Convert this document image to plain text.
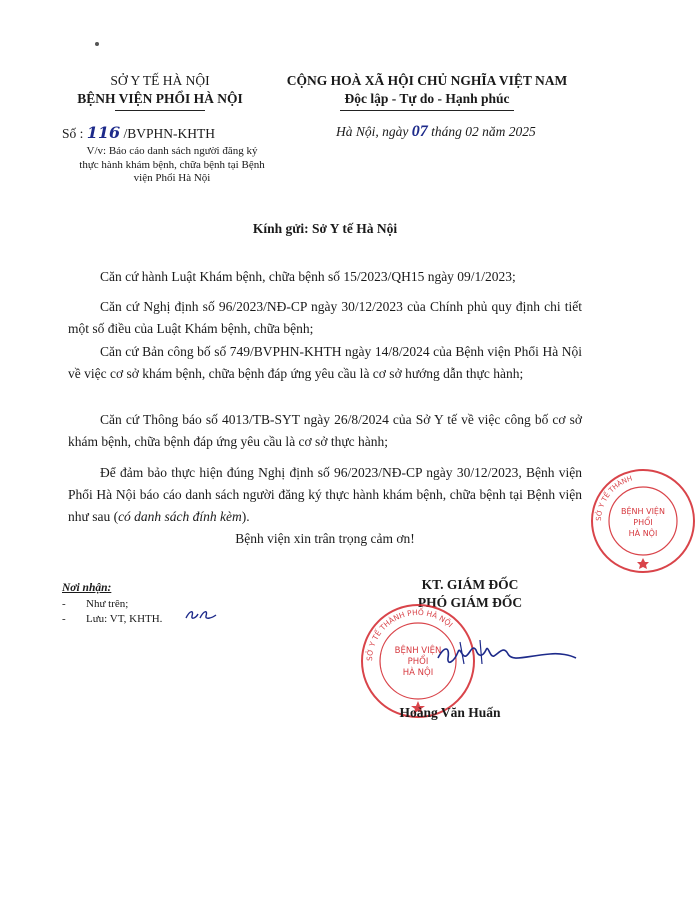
SỞ Y TẾ HÀ NỘI
BỆNH VIỆN PHỔI HÀ NỘI
Số : 116 /BVPHN-KHTH
V/v: Báo cáo danh sách người đăng ký thực hành khám bệnh, chữa bệnh tại Bệnh viện Phổi Hà Nội
CỘNG HOÀ XÃ HỘI CHỦ NGHĨA VIỆT NAM
Độc lập - Tự do - Hạnh phúc
Hà Nội, ngày 07 tháng 02 năm 2025
Kính gửi: Sở Y tế Hà Nội
Căn cứ hành Luật Khám bệnh, chữa bệnh số 15/2023/QH15 ngày 09/1/2023;
Căn cứ Nghị định số 96/2023/NĐ-CP ngày 30/12/2023 của Chính phủ quy định chi tiết một số điều của Luật Khám bệnh, chữa bệnh;
Căn cứ Bản công bố số 749/BVPHN-KHTH ngày 14/8/2024 của Bệnh viện Phổi Hà Nội về việc cơ sở khám bệnh, chữa bệnh đáp ứng yêu cầu là cơ sở hướng dẫn thực hành;
Căn cứ Thông báo số 4013/TB-SYT ngày 26/8/2024 của Sở Y tế về việc công bố cơ sở khám bệnh, chữa bệnh đáp ứng yêu cầu là cơ sở thực hành;
Để đảm bảo thực hiện đúng Nghị định số 96/2023/NĐ-CP ngày 30/12/2023, Bệnh viện Phổi Hà Nội báo cáo danh sách người đăng ký thực hành khám bệnh, chữa bệnh tại Bệnh viện như sau (có danh sách đính kèm).
Bệnh viện xin trân trọng cảm ơn!
Nơi nhận:
- Như trên;
- Lưu: VT, KHTH.
KT. GIÁM ĐỐC
PHÓ GIÁM ĐỐC
SỞ Y TẾ THÀNH PHỐ HÀ NỘI
BỆNH VIỆN
PHỔI
HÀ NỘI
Hoàng Văn Huấn
SỞ Y TẾ THÀNH
BỆNH VIỆN
PHỔI
HÀ NỘI
